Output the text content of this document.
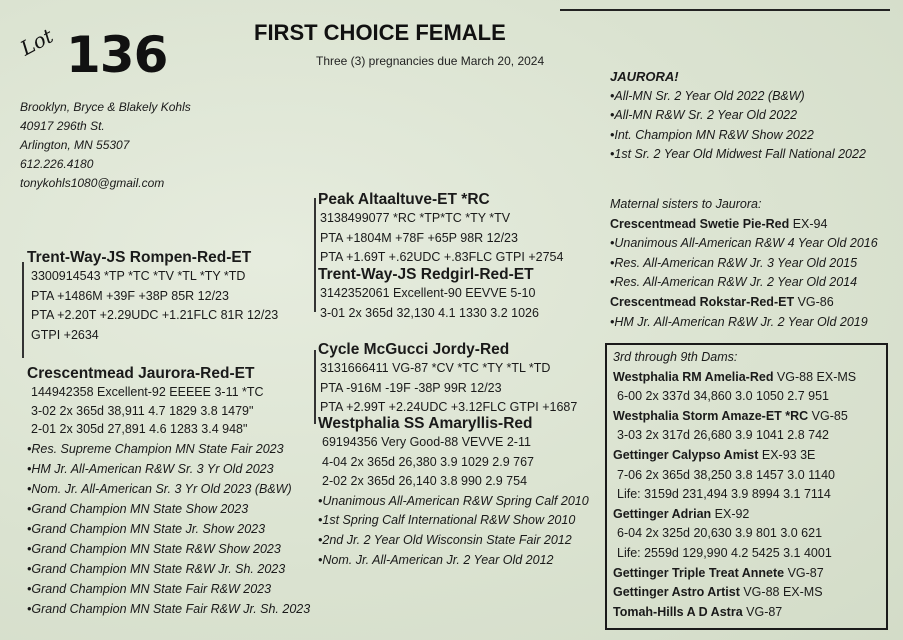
Lot 136	FIRST CHOICE FEMALE
Three (3) pregnancies due March 20, 2024
Brooklyn, Bryce & Blakely Kohls
40917 296th St.
Arlington, MN 55307
612.226.4180
tonykohls1080@gmail.com
Trent-Way-JS Rompen-Red-ET
3300914543 *TP *TC *TV *TL *TY *TD
PTA +1486M +39F +38P 85R 12/23
PTA +2.20T +2.29UDC +1.21FLC 81R 12/23
GTPI +2634
Crescentmead Jaurora-Red-ET
144942358 Excellent-92 EEEEE 3-11 *TC
3-02 2x 365d 38,911 4.7 1829 3.8 1479"
2-01 2x 305d 27,891 4.6 1283 3.4 948"
•Res. Supreme Champion MN State Fair 2023
•HM Jr. All-American R&W Sr. 3 Yr Old 2023
•Nom. Jr. All-American Sr. 3 Yr Old 2023 (B&W)
•Grand Champion MN State Show 2023
•Grand Champion MN State Jr. Show 2023
•Grand Champion MN State R&W Show 2023
•Grand Champion MN State R&W Jr. Sh. 2023
•Grand Champion MN State Fair R&W 2023
•Grand Champion MN State Fair R&W Jr. Sh. 2023
Peak Altaaltuve-ET *RC
3138499077 *RC *TP*TC *TY *TV
PTA +1804M +78F +65P 98R 12/23
PTA +1.69T +.62UDC +.83FLC GTPI +2754
Trent-Way-JS Redgirl-Red-ET
3142352061 Excellent-90 EEVVE 5-10
3-01 2x 365d 32,130 4.1 1330 3.2 1026
Cycle McGucci Jordy-Red
3131666411 VG-87 *CV *TC *TY *TL *TD
PTA -916M -19F -38P 99R 12/23
PTA +2.99T +2.24UDC +3.12FLC GTPI +1687
Westphalia SS Amaryllis-Red
69194356 Very Good-88 VEVVE 2-11
4-04 2x 365d 26,380 3.9 1029 2.9 767
2-02 2x 365d 26,140 3.8 990 2.9 754
•Unanimous All-American R&W Spring Calf 2010
•1st Spring Calf International R&W Show 2010
•2nd Jr. 2 Year Old Wisconsin State Fair 2012
•Nom. Jr. All-American Jr. 2 Year Old 2012
JAURORA!
•All-MN Sr. 2 Year Old 2022 (B&W)
•All-MN R&W Sr. 2 Year Old 2022
•Int. Champion MN R&W Show 2022
•1st Sr. 2 Year Old Midwest Fall National 2022
Maternal sisters to Jaurora:
Crescentmead Swetie Pie-Red EX-94
•Unanimous All-American R&W 4 Year Old 2016
•Res. All-American R&W Jr. 3 Year Old 2015
•Res. All-American R&W Jr. 2 Year Old 2014
Crescentmead Rokstar-Red-ET VG-86
•HM Jr. All-American R&W Jr. 2 Year Old 2019
3rd through 9th Dams:
Westphalia RM Amelia-Red VG-88 EX-MS
6-00 2x 337d 34,860 3.0 1050 2.7 951
Westphalia Storm Amaze-ET *RC VG-85
3-03 2x 317d 26,680 3.9 1041 2.8 742
Gettinger Calypso Amist EX-93 3E
7-06 2x 365d 38,250 3.8 1457 3.0 1140
Life: 3159d 231,494 3.9 8994 3.1 7114
Gettinger Adrian EX-92
6-04 2x 325d 20,630 3.9 801 3.0 621
Life: 2559d 129,990 4.2 5425 3.1 4001
Gettinger Triple Treat Annete VG-87
Gettinger Astro Artist VG-88 EX-MS
Tomah-Hills A D Astra VG-87
